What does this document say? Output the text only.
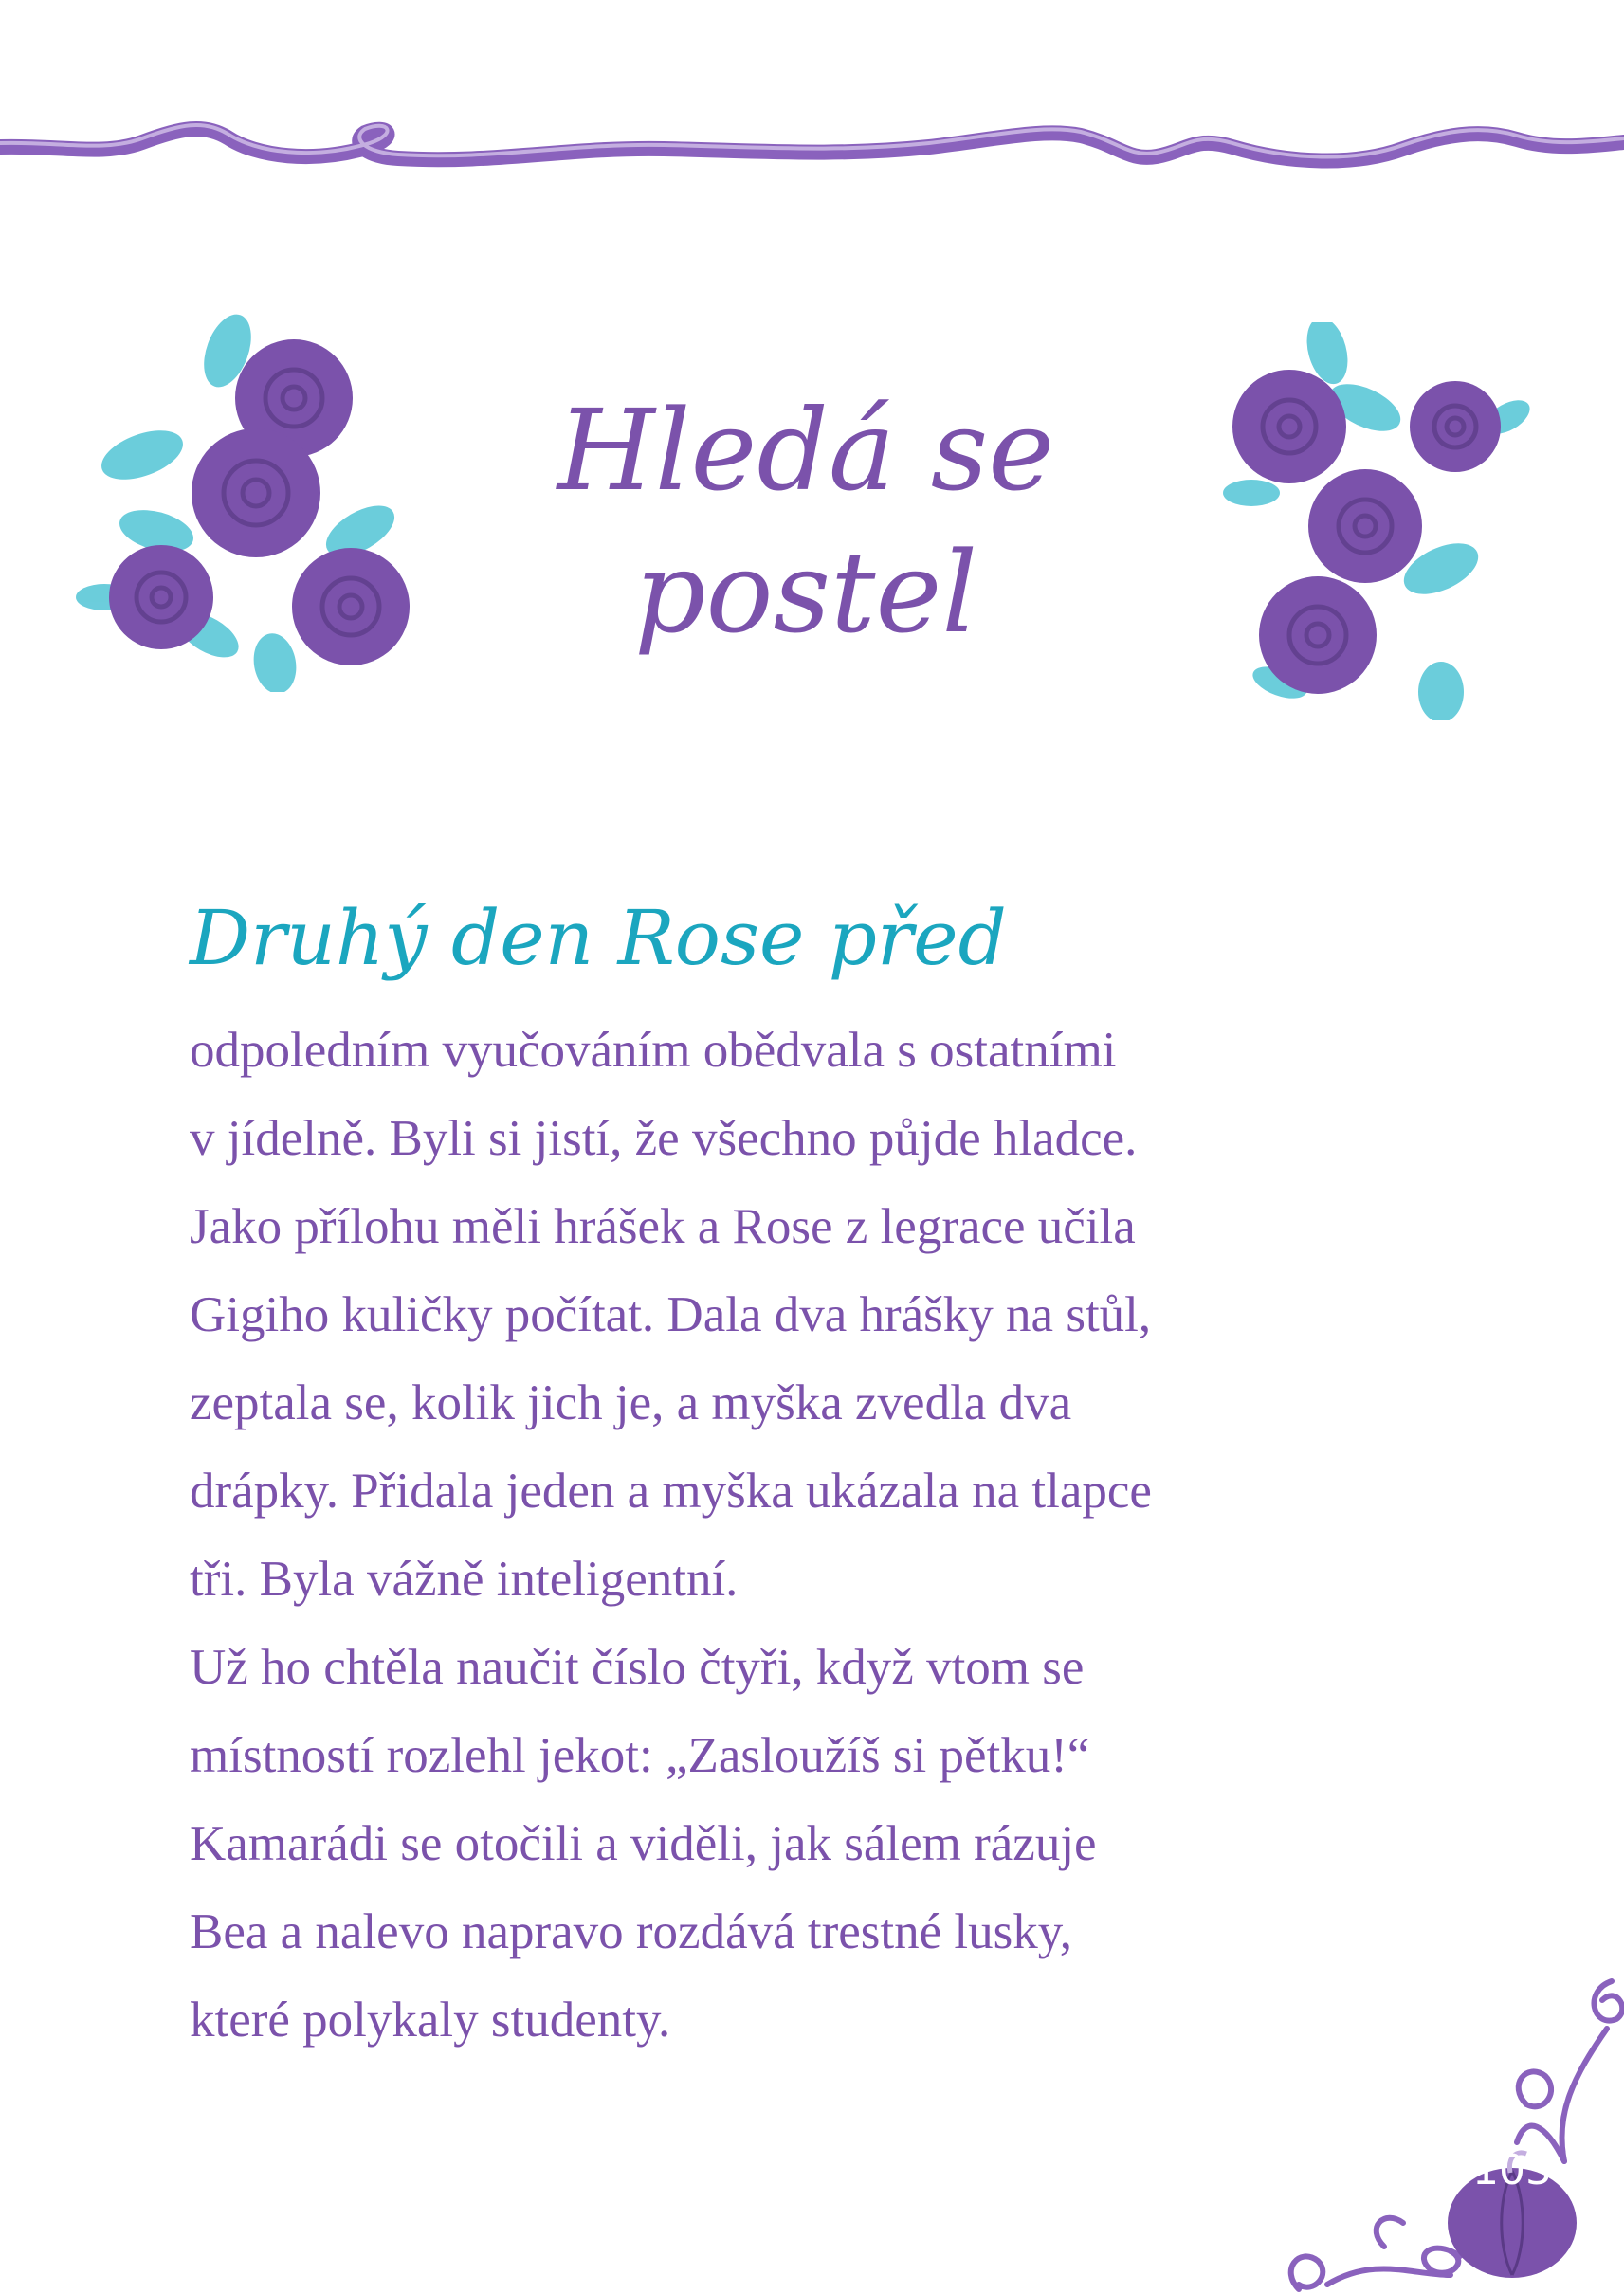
Hledá se
postel

Druhý den Rose před

odpoledním vyučováním obědvala s ostatními
v jídelně. Byli si jistí, že všechno půjde hladce.
Jako přílohu měli hrášek a Rose z legrace učila
Gigiho kuličky počítat. Dala dva hrášky na stůl,
zeptala se, kolik jich je, a myška zvedla dva
drápky. Přidala jeden a myška ukázala na tlapce
tři. Byla vážně inteligentní.
Už ho chtěla naučit číslo čtyři, když vtom se
místností rozlehl jekot: „Zasloužíš si pětku!“
Kamarádi se otočili a viděli, jak sálem rázuje
Bea a nalevo napravo rozdává trestné lusky,
které polykaly studenty.
103
